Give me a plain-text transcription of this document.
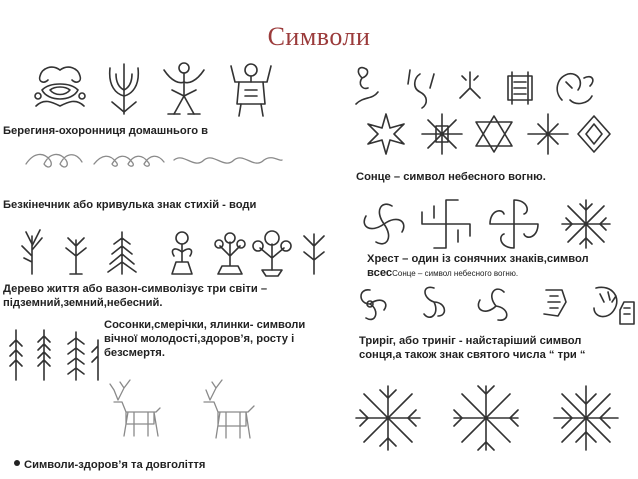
Символи
Берегиня-охоронниця домашнього в
Безкінечник або кривулька знак стихій - води
Дерево життя або вазон-символізує три світи – підземний,земний,небесний.
Сосонки,смерічки, ялинки- символи вічної молодості,здоров’я, росту і безсмертя.
Символи-здоров’я та довголіття
Сонце – символ небесного вогню.
Хрест – один із сонячних знаків,символ всесСонце – символ небесного вогню.
Триріг, або триніг - найстаріший символ сонця,а також знак святого числа “ три “
